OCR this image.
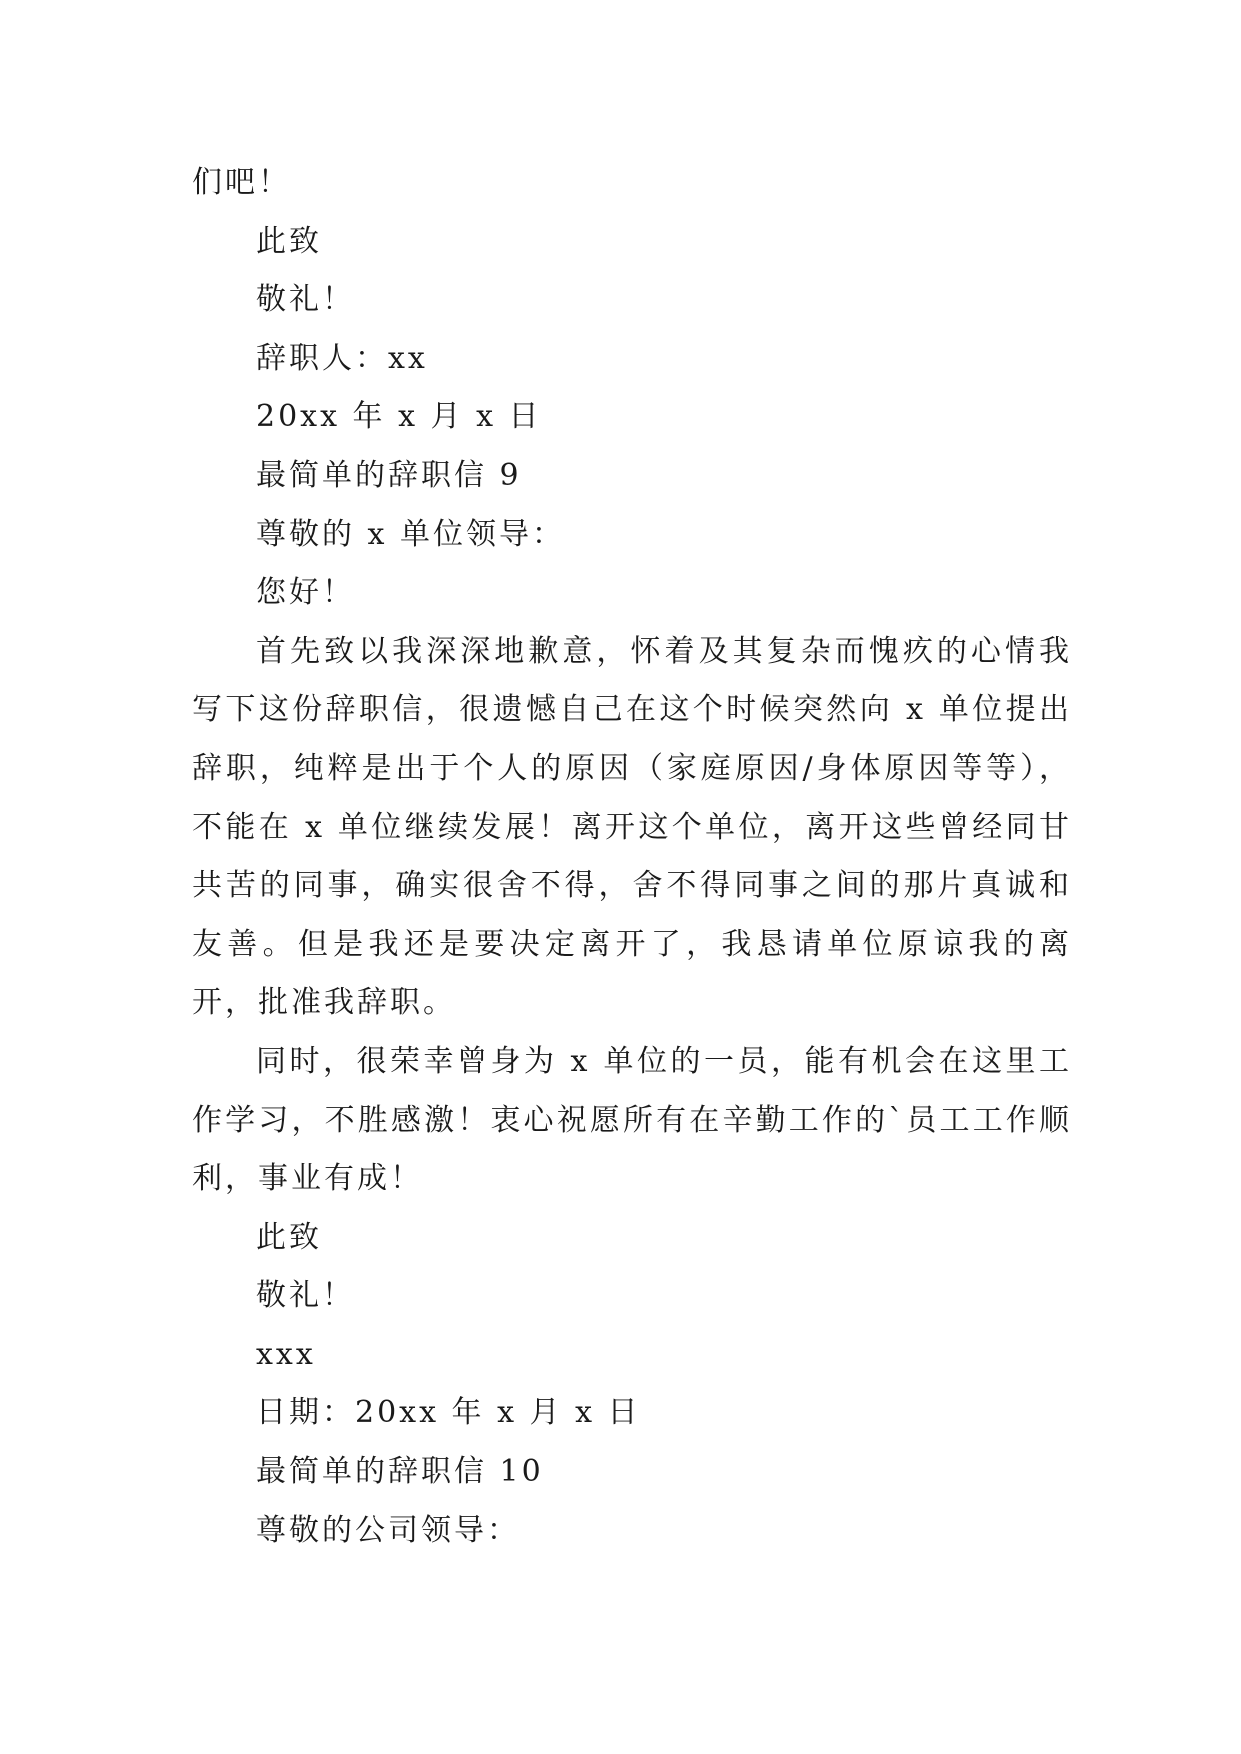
们吧！
此致
敬礼！
辞职人：xx
20xx 年 x 月 x 日
最简单的辞职信 9
尊敬的 x 单位领导：
您好！

首先致以我深深地歉意，怀着及其复杂而愧疚的心情我写下这份辞职信，很遗憾自己在这个时候突然向 x 单位提出辞职，纯粹是出于个人的原因（家庭原因/身体原因等等），不能在 x 单位继续发展！离开这个单位，离开这些曾经同甘共苦的同事，确实很舍不得，舍不得同事之间的那片真诚和友善。但是我还是要决定离开了，我恳请单位原谅我的离开，批准我辞职。

同时，很荣幸曾身为 x 单位的一员，能有机会在这里工作学习，不胜感激！衷心祝愿所有在辛勤工作的`员工工作顺利，事业有成！

此致
敬礼！
xxx
日期：20xx 年 x 月 x 日
最简单的辞职信 10
尊敬的公司领导：
